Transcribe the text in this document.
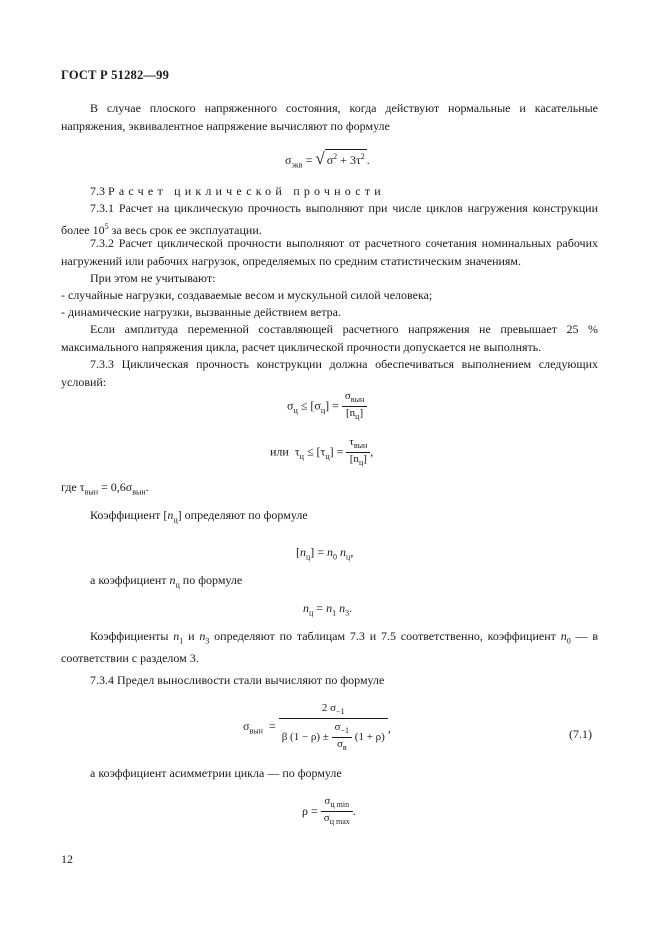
ГОСТ Р 51282—99
В случае плоского напряженного состояния, когда действуют нормальные и касательные напряжения, эквивалентное напряжение вычисляют по формуле
$\sigma_{экв}$ = √ $\sigma^2 + 3\tau^2$ .
7.3 Расчет циклической прочности
7.3.1 Расчет на циклическую прочность выполняют при числе циклов нагружения конструкции более $10^5$ за весь срок ее эксплуатации.
7.3.2 Расчет циклической прочности выполняют от расчетного сочетания номинальных рабочих нагружений или рабочих нагрузок, определяемых по средним статистическим значениям.
При этом не учитывают:
- случайные нагрузки, создаваемые весом и мускульной силой человека;
- динамические нагрузки, вызванные действием ветра.
Если амплитуда переменной составляющей расчетного напряжения не превышает 25 % максимального напряжения цикла, расчет циклической прочности допускается не выполнять.
7.3.3 Циклическая прочность конструкции должна обеспечиваться выполнением следующих условий:
$\sigma_ц \le [\sigma_ц] = \frac{\sigma_{вын}}{[n_ц]}$
или $\tau_ц \le [\tau_ц] = \frac{\tau_{вын}}{[n_ц]}$ ,
где $\tau_{вын} = 0,6\sigma_{вын}$.
Коэффициент $[n_ц]$ определяют по формуле
$[n_ц] = n_0$ $n_ц$,
а коэффициент $n_ц$ по формуле
$n_ц = n_1$ $n_3$.
Коэффициенты $n_1$ и $n_3$ определяют по таблицам 7.3 и 7.5 соответственно, коэффициент $n_0$ — в соответствии с разделом 3.
7.3.4 Предел выносливости стали вычисляют по формуле
$\sigma_{вын}$ =
2 $\sigma_{-1}$
β $(1 - \rho) \pm \frac{\sigma_{-1}}{\sigma_в} (1 + \rho)$
,	(7.1)
а коэффициент асимметрии цикла — по формуле
$\rho = \frac{\sigma_{ц min}}{\sigma_{ц max}}$ .
12
